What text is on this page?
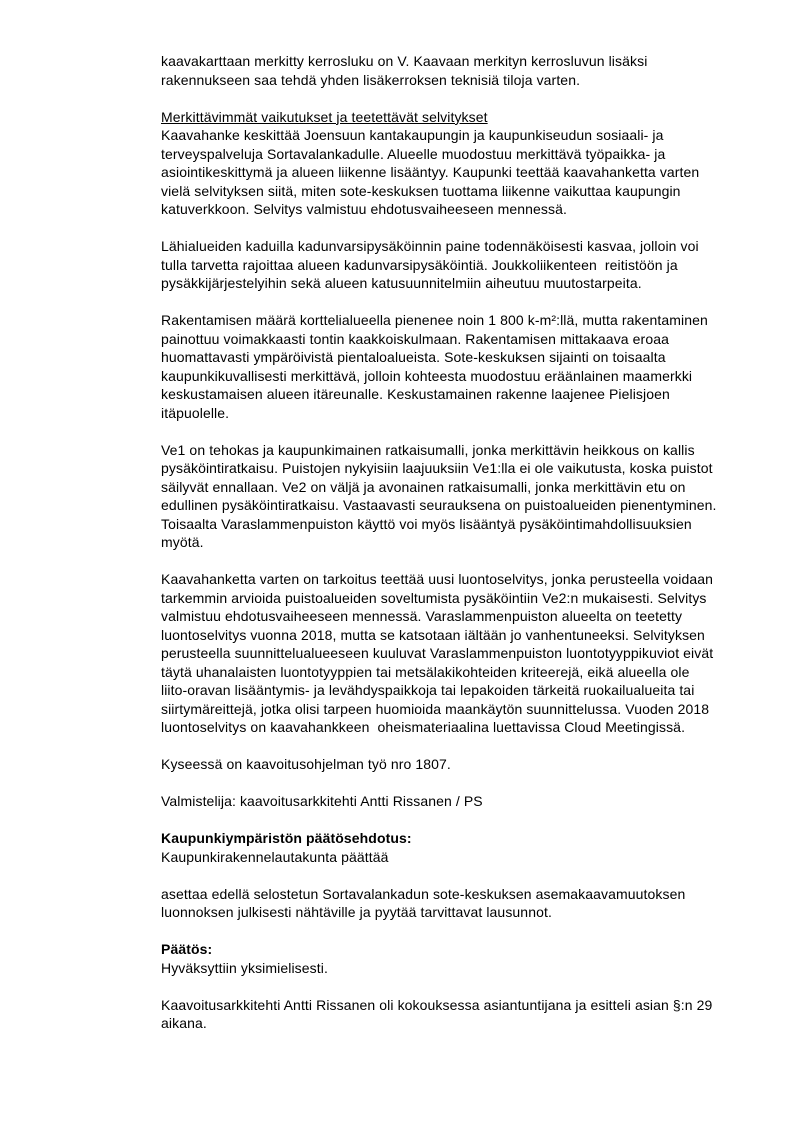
kaavakarttaan merkitty kerrosluku on V. Kaavaan merkityn kerrosluvun lisäksi
rakennukseen saa tehdä yhden lisäkerroksen teknisiä tiloja varten.
Merkittävimmät vaikutukset ja teetettävät selvitykset
Kaavahanke keskittää Joensuun kantakaupungin ja kaupunkiseudun sosiaali- ja
terveyspalveluja Sortavalankadulle. Alueelle muodostuu merkittävä työpaikka- ja
asiointikeskittymä ja alueen liikenne lisääntyy. Kaupunki teettää kaavahanketta varten
vielä selvityksen siitä, miten sote-keskuksen tuottama liikenne vaikuttaa kaupungin
katuverkkoon. Selvitys valmistuu ehdotusvaiheeseen mennessä.
Lähialueiden kaduilla kadunvarsipysäköinnin paine todennäköisesti kasvaa, jolloin voi
tulla tarvetta rajoittaa alueen kadunvarsipysäköintiä. Joukkoliikenteen  reitistöön ja
pysäkkijärjestelyihin sekä alueen katusuunnitelmiin aiheutuu muutostarpeita.
Rakentamisen määrä korttelialueella pienenee noin 1 800 k-m²:llä, mutta rakentaminen
painottuu voimakkaasti tontin kaakkoiskulmaan. Rakentamisen mittakaava eroaa
huomattavasti ympäröivistä pientaloalueista. Sote-keskuksen sijainti on toisaalta
kaupunkikuvallisesti merkittävä, jolloin kohteesta muodostuu eräänlainen maamerkki
keskustamaisen alueen itäreunalle. Keskustamainen rakenne laajenee Pielisjoen
itäpuolelle.
Ve1 on tehokas ja kaupunkimainen ratkaisumalli, jonka merkittävin heikkous on kallis
pysäköintiratkaisu. Puistojen nykyisiin laajuuksiin Ve1:lla ei ole vaikutusta, koska puistot
säilyvät ennallaan. Ve2 on väljä ja avonainen ratkaisumalli, jonka merkittävin etu on
edullinen pysäköintiratkaisu. Vastaavasti seurauksena on puistoalueiden pienentyminen.
Toisaalta Varaslammenpuiston käyttö voi myös lisääntyä pysäköintimahdollisuuksien
myötä.
Kaavahanketta varten on tarkoitus teettää uusi luontoselvitys, jonka perusteella voidaan
tarkemmin arvioida puistoalueiden soveltumista pysäköintiin Ve2:n mukaisesti. Selvitys
valmistuu ehdotusvaiheeseen mennessä. Varaslammenpuiston alueelta on teetetty
luontoselvitys vuonna 2018, mutta se katsotaan iältään jo vanhentuneeksi. Selvityksen
perusteella suunnittelualueeseen kuuluvat Varaslammenpuiston luontotyyppikuviot eivät
täytä uhanalaisten luontotyyppien tai metsälakikohteiden kriteerejä, eikä alueella ole
liito-oravan lisääntymis- ja levähdyspaikkoja tai lepakoiden tärkeitä ruokailualueita tai
siirtymäreittejä, jotka olisi tarpeen huomioida maankäytön suunnittelussa. Vuoden 2018
luontoselvitys on kaavahankkeen  oheismateriaalina luettavissa Cloud Meetingissä.
Kyseessä on kaavoitusohjelman työ nro 1807.
Valmistelija: kaavoitusarkkitehti Antti Rissanen / PS
Kaupunkiympäristön päätösehdotus:
Kaupunkirakennelautakunta päättää
asettaa edellä selostetun Sortavalankadun sote-keskuksen asemakaavamuutoksen
luonnoksen julkisesti nähtäville ja pyytää tarvittavat lausunnot.
Päätös:
Hyväksyttiin yksimielisesti.
Kaavoitusarkkitehti Antti Rissanen oli kokouksessa asiantuntijana ja esitteli asian §:n 29
aikana.
